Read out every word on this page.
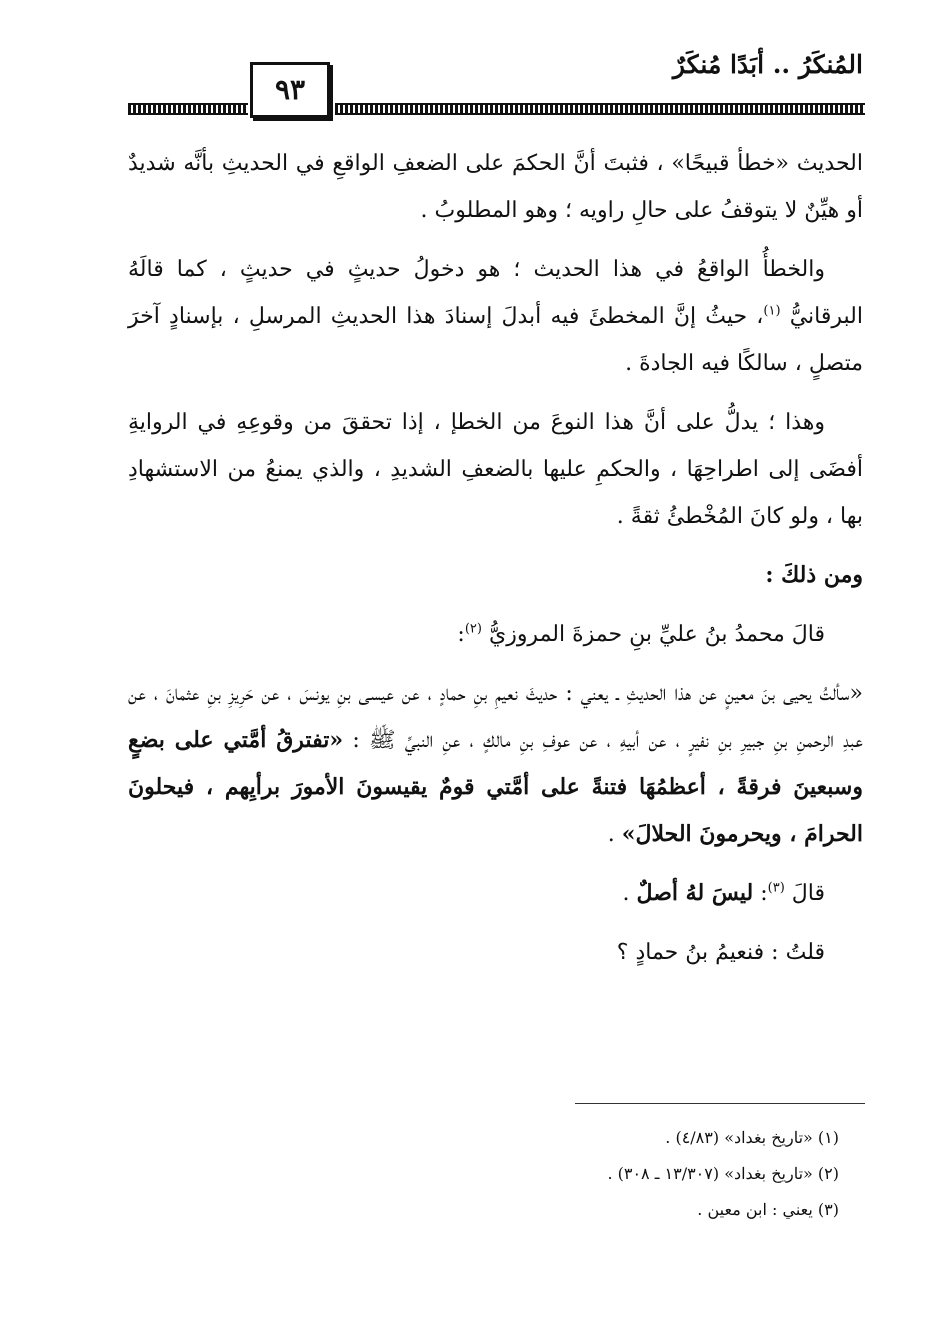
المُنكَرُ .. أبَدًا مُنكَرٌ
٩٣

الحديث «خطأ قبيحًا» ، فثبتَ أنَّ الحكمَ على الضعفِ الواقعِ في الحديثِ بأنَّه شديدٌ أو هيِّنٌ لا يتوقفُ على حالِ راويه ؛ وهو المطلوبُ .

والخطأُ الواقعُ في هذا الحديث ؛ هو دخولُ حديثٍ في حديثٍ ، كما قالَهُ البرقانيُّ $^{(١)}$، حيثُ إنَّ المخطئَ فيه أبدلَ إسنادَ هذا الحديثِ المرسلِ ، بإسنادٍ آخرَ متصلٍ ، سالكًا فيه الجادةَ .

وهذا ؛ يدلُّ على أنَّ هذا النوعَ من الخطإ ، إذا تحققَ من وقوعِهِ في الروايةِ أفضَى إلى اطراحِهَا ، والحكمِ عليها بالضعفِ الشديدِ ، والذي يمنعُ من الاستشهادِ بها ، ولو كانَ المُخْطئُ ثقةً .

ومن ذلكَ :

قالَ محمدُ بنُ عليِّ بنِ حمزةَ المروزيُّ $^{(٢)}$:

«سألتُ يحيى بنَ معينٍ عن هذا الحديثِ ـ يعني : حديثَ نعيمِ بنِ حمادٍ ، عن عيسى بنِ يونسَ ، عن حَرِيزِ بنِ عثمانَ ، عن عبدِ الرحمنِ بنِ جبيرِ بنِ نفيرٍ ، عن أبيهِ ، عن عوفِ بنِ مالكٍ ، عنِ النبيِّ ﷺ : «تفترقُ أمَّتي على بضعٍ وسبعينَ فرقةً ، أعظمُهَا فتنةً على أمَّتي قومٌ يقيسونَ الأمورَ برأيِهم ، فيحلونَ الحرامَ ، ويحرمونَ الحلالَ» .

قالَ $^{(٣)}$: ليسَ لهُ أصلٌ .

قلتُ : فنعيمُ بنُ حمادٍ ؟

(١) «تاريخ بغداد» (٤/٨٣) .

(٢) «تاريخ بغداد» (١٣/٣٠٧ ـ ٣٠٨) .

(٣) يعني : ابن معين .
